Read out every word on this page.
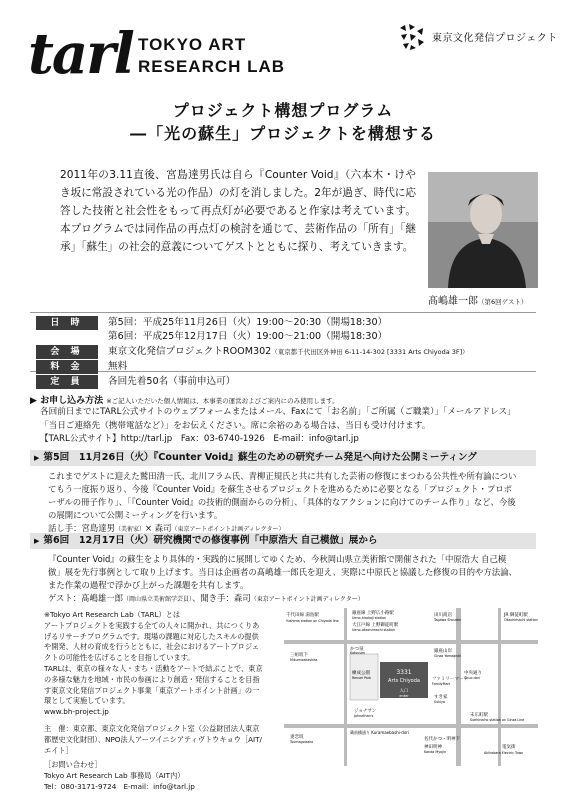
tarl TOKYO ART
RESEARCH LAB
東京文化発信プロジェクト
プロジェクト構想プログラム
―「光の蘇生」プロジェクトを構想する
2011年の3.11直後、宮島達男氏は自ら『Counter Void』（六本木・けやき坂に常設されている光の作品）の灯を消しました。2年が過ぎ、時代に応答した技術と社会性をもって再点灯が必要であると作家は考えています。本プログラムでは同作品の再点灯の検討を通じて、芸術作品の「所有」「継承」「蘇生」の社会的意義についてゲストとともに探り、考えていきます。
髙嶋雄一郎（第6回ゲスト）
日 時	第5回：平成25年11月26日（火）19:00〜20:30（開場18:30）
第6回：平成25年12月17日（火）19:00〜21:00（開場18:30）
会 場	東京文化発信プロジェクトROOM302（東京都千代田区外神田 6-11-14-302 [3331 Arts Chiyoda 3F]）
料 金	無料
定 員	各回先着50名（事前申込可）
▶ お申し込み方法 ※ご記入いただいた個人情報は、本事業の運営およびご案内にのみ使用します。
各回前日までにTARL公式サイトのウェブフォームまたはメール、Faxにて「お名前」「ご所属（ご職業）」「メールアドレス」
「当日ご連絡先（携帯電話など）」をお伝えください。席に余裕のある場合は、当日も受け付けます。
【TARL公式サイト】http://tarl.jp　Fax：03-6740-1926　E-mail：info@tarl.jp
▶ 第5回　11月26日（火）『Counter Void』蘇生のための研究チーム発足へ向けた公開ミーティング
これまでゲストに迎えた鷲田清一氏、北川フラム氏、青柳正規氏と共に共有した芸術の修復にまつわる公共性や所有論についてもう一度振り返り、今後『Counter Void』を蘇生させるプロジェクトを進めるために必要となる「プロジェクト・プロポーザルの冊子作り」、「『Counter Void』の技術的側面からの分析」、「具体的なアクションに向けてのチーム作り」など、今後の展開について公開ミーティングを行います。
話し手：宮島達男（美術家）× 森司（東京アートポイント計画ディレクター）
▶ 第6回　12月17日（火）研究機関での修復事例「中原浩大 自己模倣」展から
『Counter Void』の蘇生をより具体的・実践的に展開してゆくため、今秋岡山県立美術館で開催された「中原浩大 自己模倣」展を先行事例として取り上げます。当日は企画者の髙嶋雄一郎氏を迎え、実際に中原氏と協議した修復の目的や方法論、また作業の過程で浮かび上がった課題を共有します。
ゲスト：髙嶋雄一郎（岡山県立美術館学芸員）、聞き手：森司（東京アートポイント計画ディレクター）
※Tokyo Art Research Lab（TARL）とは
アートプロジェクトを実践する全ての人々に開かれ、共につくりあげるリサーチプログラムです。現場の課題に対応したスキルの提供や開発、人材の育成を行うとともに、社会におけるアートプロジェクトの可能性を広げることを目指しています。
TARLは、東京の様々な人・まち・活動をアートで結ぶことで、東京の多様な魅力を地域・市民の参画により創造・発信することを目指す東京文化発信プロジェクト事業「東京アートポイント計画」の一環として実施しています。
www.bh-project.jp
主　催：東京都、東京文化発信プロジェクト室（公益財団法人東京都歴史文化財団）、NPO法人アーツイニシアティヴトウキョウ［AIT/エイト］
［お問い合わせ］
Tokyo Art Research Lab 事務局（AIT内）
Tel：080-3171-9724　E-mail：info@tarl.jp
3331
Arts Chiyoda
入口
enter
千代田線 湯島駅
Yushima station on Chiyoda line
銀座線 上野広小路駅
Ueno-hirokoji station
大江戸線 上野御徒町駅
Ueno-okachimachi station
田川商店
Tagawa Shouten
JR 御徒町駅
Okachimachi station
三組坂下
Mikumizakashita
かつ泉
Katsusen	銀座山岸
Ginza Yamagishi
練成公園
Rensei Park	ファミリーマート
FamilyMart
中央通り
Chuo dori
すき家
Sukiya
ジョナサン
Johnathan's
妻恋坂
Tsumagoizaka
蔵前橋通り Kuramaebashi-dori
末広町駅
Suehirocho station on Ginza Line
名代かつ・明神下
神田明神
Kanda Myojin
電気街
Akihabara Electric Town
